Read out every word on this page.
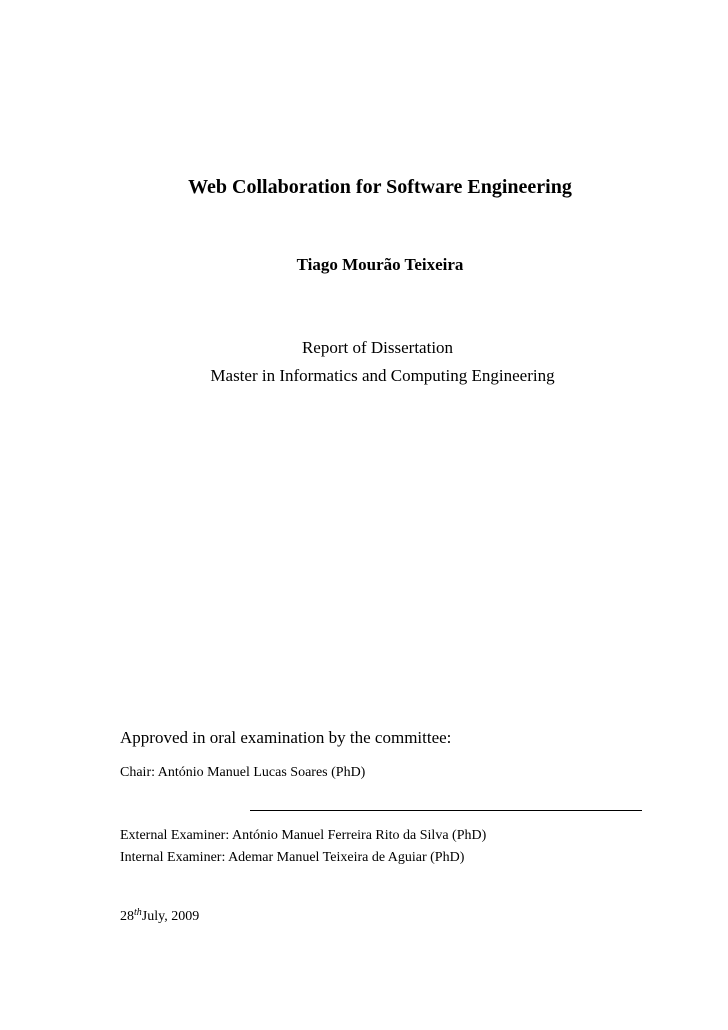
Web Collaboration for Software Engineering
Tiago Mourão Teixeira
Report of Dissertation
Master in Informatics and Computing Engineering
Approved in oral examination by the committee:
Chair: António Manuel Lucas Soares (PhD)
External Examiner: António Manuel Ferreira Rito da Silva (PhD)
Internal Examiner: Ademar Manuel Teixeira de Aguiar (PhD)
28thJuly, 2009
